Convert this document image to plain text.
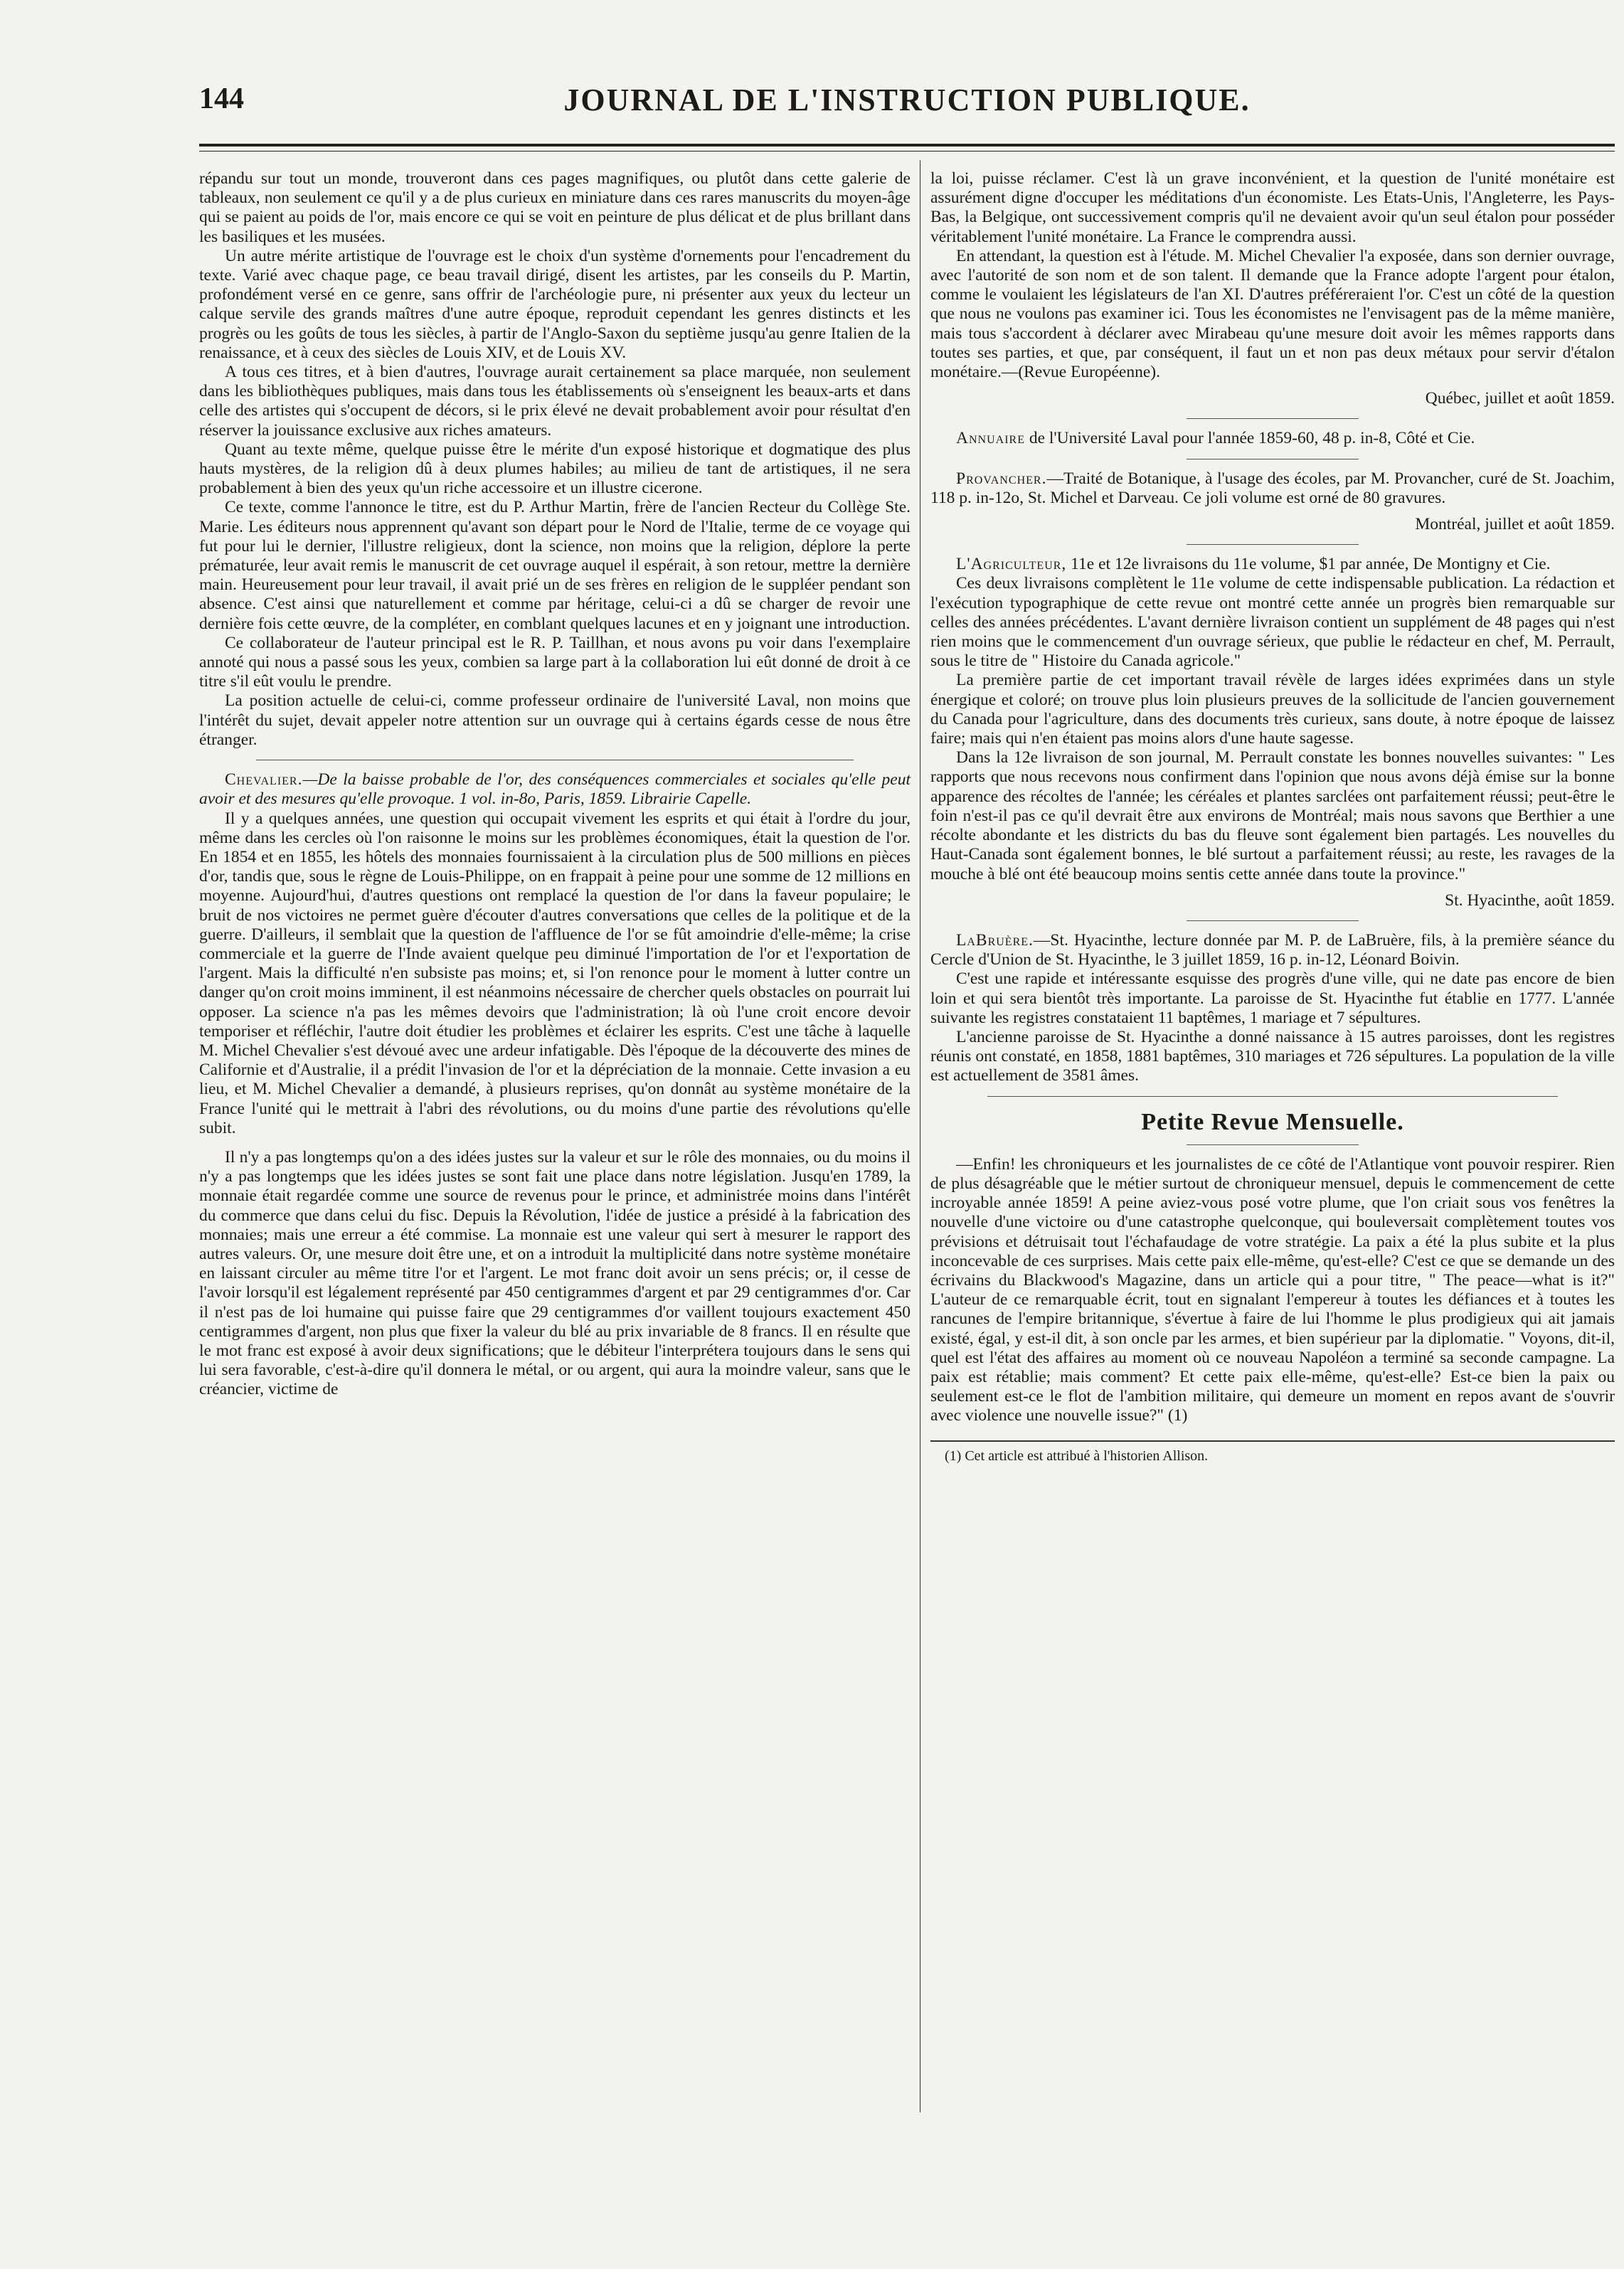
144	JOURNAL DE L'INSTRUCTION PUBLIQUE.

répandu sur tout un monde, trouveront dans ces pages magnifiques, ou plutôt dans cette galerie de tableaux, non seulement ce qu'il y a de plus curieux en miniature dans ces rares manuscrits du moyen-âge qui se paient au poids de l'or, mais encore ce qui se voit en peinture de plus délicat et de plus brillant dans les basiliques et les musées.

Un autre mérite artistique de l'ouvrage est le choix d'un système d'ornements pour l'encadrement du texte. Varié avec chaque page, ce beau travail dirigé, disent les artistes, par les conseils du P. Martin, profondément versé en ce genre, sans offrir de l'archéologie pure, ni présenter aux yeux du lecteur un calque servile des grands maîtres d'une autre époque, reproduit cependant les genres distincts et les progrès ou les goûts de tous les siècles, à partir de l'Anglo-Saxon du septième jusqu'au genre Italien de la renaissance, et à ceux des siècles de Louis XIV, et de Louis XV.

A tous ces titres, et à bien d'autres, l'ouvrage aurait certainement sa place marquée, non seulement dans les bibliothèques publiques, mais dans tous les établissements où s'enseignent les beaux-arts et dans celle des artistes qui s'occupent de décors, si le prix élevé ne devait probablement avoir pour résultat d'en réserver la jouissance exclusive aux riches amateurs.

Quant au texte même, quelque puisse être le mérite d'un exposé historique et dogmatique des plus hauts mystères, de la religion dû à deux plumes habiles; au milieu de tant de artistiques, il ne sera probablement à bien des yeux qu'un riche accessoire et un illustre cicerone.

Ce texte, comme l'annonce le titre, est du P. Arthur Martin, frère de l'ancien Recteur du Collège Ste. Marie. Les éditeurs nous apprennent qu'avant son départ pour le Nord de l'Italie, terme de ce voyage qui fut pour lui le dernier, l'illustre religieux, dont la science, non moins que la religion, déplore la perte prématurée, leur avait remis le manuscrit de cet ouvrage auquel il espérait, à son retour, mettre la dernière main. Heureusement pour leur travail, il avait prié un de ses frères en religion de le suppléer pendant son absence. C'est ainsi que naturellement et comme par héritage, celui-ci a dû se charger de revoir une dernière fois cette œuvre, de la compléter, en comblant quelques lacunes et en y joignant une introduction.

Ce collaborateur de l'auteur principal est le R. P. Taillhan, et nous avons pu voir dans l'exemplaire annoté qui nous a passé sous les yeux, combien sa large part à la collaboration lui eût donné de droit à ce titre s'il eût voulu le prendre.

La position actuelle de celui-ci, comme professeur ordinaire de l'université Laval, non moins que l'intérêt du sujet, devait appeler notre attention sur un ouvrage qui à certains égards cesse de nous être étranger.

Chevalier.—De la baisse probable de l'or, des conséquences commerciales et sociales qu'elle peut avoir et des mesures qu'elle provoque. 1 vol. in-8o, Paris, 1859. Librairie Capelle.

Il y a quelques années, une question qui occupait vivement les esprits et qui était à l'ordre du jour, même dans les cercles où l'on raisonne le moins sur les problèmes économiques, était la question de l'or. En 1854 et en 1855, les hôtels des monnaies fournissaient à la circulation plus de 500 millions en pièces d'or, tandis que, sous le règne de Louis-Philippe, on en frappait à peine pour une somme de 12 millions en moyenne. Aujourd'hui, d'autres questions ont remplacé la question de l'or dans la faveur populaire; le bruit de nos victoires ne permet guère d'écouter d'autres conversations que celles de la politique et de la guerre. D'ailleurs, il semblait que la question de l'affluence de l'or se fût amoindrie d'elle-même; la crise commerciale et la guerre de l'Inde avaient quelque peu diminué l'importation de l'or et l'exportation de l'argent. Mais la difficulté n'en subsiste pas moins; et, si l'on renonce pour le moment à lutter contre un danger qu'on croit moins imminent, il est néanmoins nécessaire de chercher quels obstacles on pourrait lui opposer. La science n'a pas les mêmes devoirs que l'administration; là où l'une croit encore devoir temporiser et réfléchir, l'autre doit étudier les problèmes et éclairer les esprits. C'est une tâche à laquelle M. Michel Chevalier s'est dévoué avec une ardeur infatigable. Dès l'époque de la découverte des mines de Californie et d'Australie, il a prédit l'invasion de l'or et la dépréciation de la monnaie. Cette invasion a eu lieu, et M. Michel Chevalier a demandé, à plusieurs reprises, qu'on donnât au système monétaire de la France l'unité qui le mettrait à l'abri des révolutions, ou du moins d'une partie des révolutions qu'elle subit.

Il n'y a pas longtemps qu'on a des idées justes sur la valeur et sur le rôle des monnaies, ou du moins il n'y a pas longtemps que les idées justes se sont fait une place dans notre législation. Jusqu'en 1789, la monnaie était regardée comme une source de revenus pour le prince, et administrée moins dans l'intérêt du commerce que dans celui du fisc. Depuis la Révolution, l'idée de justice a présidé à la fabrication des monnaies; mais une erreur a été commise. La monnaie est une valeur qui sert à mesurer le rapport des autres valeurs. Or, une mesure doit être une, et on a introduit la multiplicité dans notre système monétaire en laissant circuler au même titre l'or et l'argent. Le mot franc doit avoir un sens précis; or, il cesse de l'avoir lorsqu'il est légalement représenté par 450 centigrammes d'argent et par 29 centigrammes d'or. Car il n'est pas de loi humaine qui puisse faire que 29 centigrammes d'or vaillent toujours exactement 450 centigrammes d'argent, non plus que fixer la valeur du blé au prix invariable de 8 francs. Il en résulte que le mot franc est exposé à avoir deux significations; que le débiteur l'interprétera toujours dans le sens qui lui sera favorable, c'est-à-dire qu'il donnera le métal, or ou argent, qui aura la moindre valeur, sans que le créancier, victime de

la loi, puisse réclamer. C'est là un grave inconvénient, et la question de l'unité monétaire est assurément digne d'occuper les méditations d'un économiste. Les Etats-Unis, l'Angleterre, les Pays-Bas, la Belgique, ont successivement compris qu'il ne devaient avoir qu'un seul étalon pour posséder véritablement l'unité monétaire. La France le comprendra aussi.

En attendant, la question est à l'étude. M. Michel Chevalier l'a exposée, dans son dernier ouvrage, avec l'autorité de son nom et de son talent. Il demande que la France adopte l'argent pour étalon, comme le voulaient les législateurs de l'an XI. D'autres préféreraient l'or. C'est un côté de la question que nous ne voulons pas examiner ici. Tous les économistes ne l'envisagent pas de la même manière, mais tous s'accordent à déclarer avec Mirabeau qu'une mesure doit avoir les mêmes rapports dans toutes ses parties, et que, par conséquent, il faut un et non pas deux métaux pour servir d'étalon monétaire.—(Revue Européenne).

Québec, juillet et août 1859.

Annuaire de l'Université Laval pour l'année 1859-60, 48 p. in-8, Côté et Cie.

Provancher.—Traité de Botanique, à l'usage des écoles, par M. Provancher, curé de St. Joachim, 118 p. in-12o, St. Michel et Darveau. Ce joli volume est orné de 80 gravures.

Montréal, juillet et août 1859.

L'Agriculteur, 11e et 12e livraisons du 11e volume, $1 par année, De Montigny et Cie.

Ces deux livraisons complètent le 11e volume de cette indispensable publication. La rédaction et l'exécution typographique de cette revue ont montré cette année un progrès bien remarquable sur celles des années précédentes. L'avant dernière livraison contient un supplément de 48 pages qui n'est rien moins que le commencement d'un ouvrage sérieux, que publie le rédacteur en chef, M. Perrault, sous le titre de " Histoire du Canada agricole."

La première partie de cet important travail révèle de larges idées exprimées dans un style énergique et coloré; on trouve plus loin plusieurs preuves de la sollicitude de l'ancien gouvernement du Canada pour l'agriculture, dans des documents très curieux, sans doute, à notre époque de laissez faire; mais qui n'en étaient pas moins alors d'une haute sagesse.

Dans la 12e livraison de son journal, M. Perrault constate les bonnes nouvelles suivantes: " Les rapports que nous recevons nous confirment dans l'opinion que nous avons déjà émise sur la bonne apparence des récoltes de l'année; les céréales et plantes sarclées ont parfaitement réussi; peut-être le foin n'est-il pas ce qu'il devrait être aux environs de Montréal; mais nous savons que Berthier a une récolte abondante et les districts du bas du fleuve sont également bien partagés. Les nouvelles du Haut-Canada sont également bonnes, le blé surtout a parfaitement réussi; au reste, les ravages de la mouche à blé ont été beaucoup moins sentis cette année dans toute la province."

St. Hyacinthe, août 1859.

LaBruère.—St. Hyacinthe, lecture donnée par M. P. de LaBruère, fils, à la première séance du Cercle d'Union de St. Hyacinthe, le 3 juillet 1859, 16 p. in-12, Léonard Boivin.

C'est une rapide et intéressante esquisse des progrès d'une ville, qui ne date pas encore de bien loin et qui sera bientôt très importante. La paroisse de St. Hyacinthe fut établie en 1777. L'année suivante les registres constataient 11 baptêmes, 1 mariage et 7 sépultures.

L'ancienne paroisse de St. Hyacinthe a donné naissance à 15 autres paroisses, dont les registres réunis ont constaté, en 1858, 1881 baptêmes, 310 mariages et 726 sépultures. La population de la ville est actuellement de 3581 âmes.

Petite Revue Mensuelle.

—Enfin! les chroniqueurs et les journalistes de ce côté de l'Atlantique vont pouvoir respirer. Rien de plus désagréable que le métier surtout de chroniqueur mensuel, depuis le commencement de cette incroyable année 1859! A peine aviez-vous posé votre plume, que l'on criait sous vos fenêtres la nouvelle d'une victoire ou d'une catastrophe quelconque, qui bouleversait complètement toutes vos prévisions et détruisait tout l'échafaudage de votre stratégie. La paix a été la plus subite et la plus inconcevable de ces surprises. Mais cette paix elle-même, qu'est-elle? C'est ce que se demande un des écrivains du Blackwood's Magazine, dans un article qui a pour titre, " The peace—what is it?" L'auteur de ce remarquable écrit, tout en signalant l'empereur à toutes les défiances et à toutes les rancunes de l'empire britannique, s'évertue à faire de lui l'homme le plus prodigieux qui ait jamais existé, égal, y est-il dit, à son oncle par les armes, et bien supérieur par la diplomatie. " Voyons, dit-il, quel est l'état des affaires au moment où ce nouveau Napoléon a terminé sa seconde campagne. La paix est rétablie; mais comment? Et cette paix elle-même, qu'est-elle? Est-ce bien la paix ou seulement est-ce le flot de l'ambition militaire, qui demeure un moment en repos avant de s'ouvrir avec violence une nouvelle issue?" (1)

(1) Cet article est attribué à l'historien Allison.
